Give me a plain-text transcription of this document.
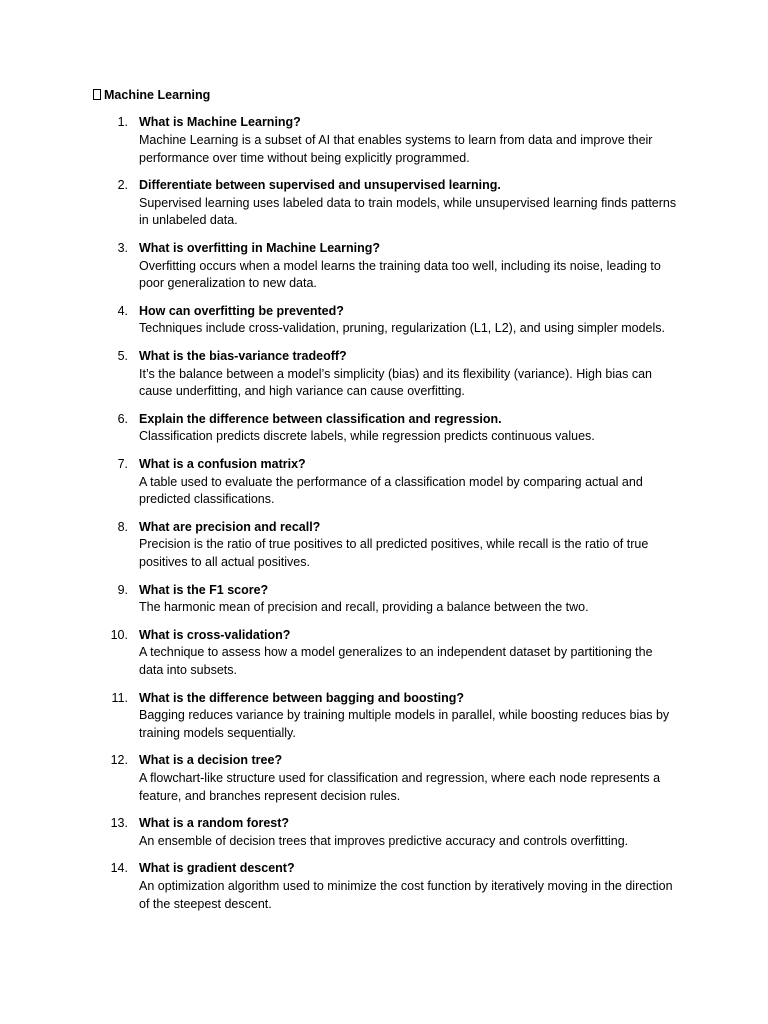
Machine Learning
1. What is Machine Learning?
Machine Learning is a subset of AI that enables systems to learn from data and improve their performance over time without being explicitly programmed.
2. Differentiate between supervised and unsupervised learning.
Supervised learning uses labeled data to train models, while unsupervised learning finds patterns in unlabeled data.
3. What is overfitting in Machine Learning?
Overfitting occurs when a model learns the training data too well, including its noise, leading to poor generalization to new data.
4. How can overfitting be prevented?
Techniques include cross-validation, pruning, regularization (L1, L2), and using simpler models.
5. What is the bias-variance tradeoff?
It’s the balance between a model’s simplicity (bias) and its flexibility (variance). High bias can cause underfitting, and high variance can cause overfitting.
6. Explain the difference between classification and regression.
Classification predicts discrete labels, while regression predicts continuous values.
7. What is a confusion matrix?
A table used to evaluate the performance of a classification model by comparing actual and predicted classifications.
8. What are precision and recall?
Precision is the ratio of true positives to all predicted positives, while recall is the ratio of true positives to all actual positives.
9. What is the F1 score?
The harmonic mean of precision and recall, providing a balance between the two.
10. What is cross-validation?
A technique to assess how a model generalizes to an independent dataset by partitioning the data into subsets.
11. What is the difference between bagging and boosting?
Bagging reduces variance by training multiple models in parallel, while boosting reduces bias by training models sequentially.
12. What is a decision tree?
A flowchart-like structure used for classification and regression, where each node represents a feature, and branches represent decision rules.
13. What is a random forest?
An ensemble of decision trees that improves predictive accuracy and controls overfitting.
14. What is gradient descent?
An optimization algorithm used to minimize the cost function by iteratively moving in the direction of the steepest descent.
